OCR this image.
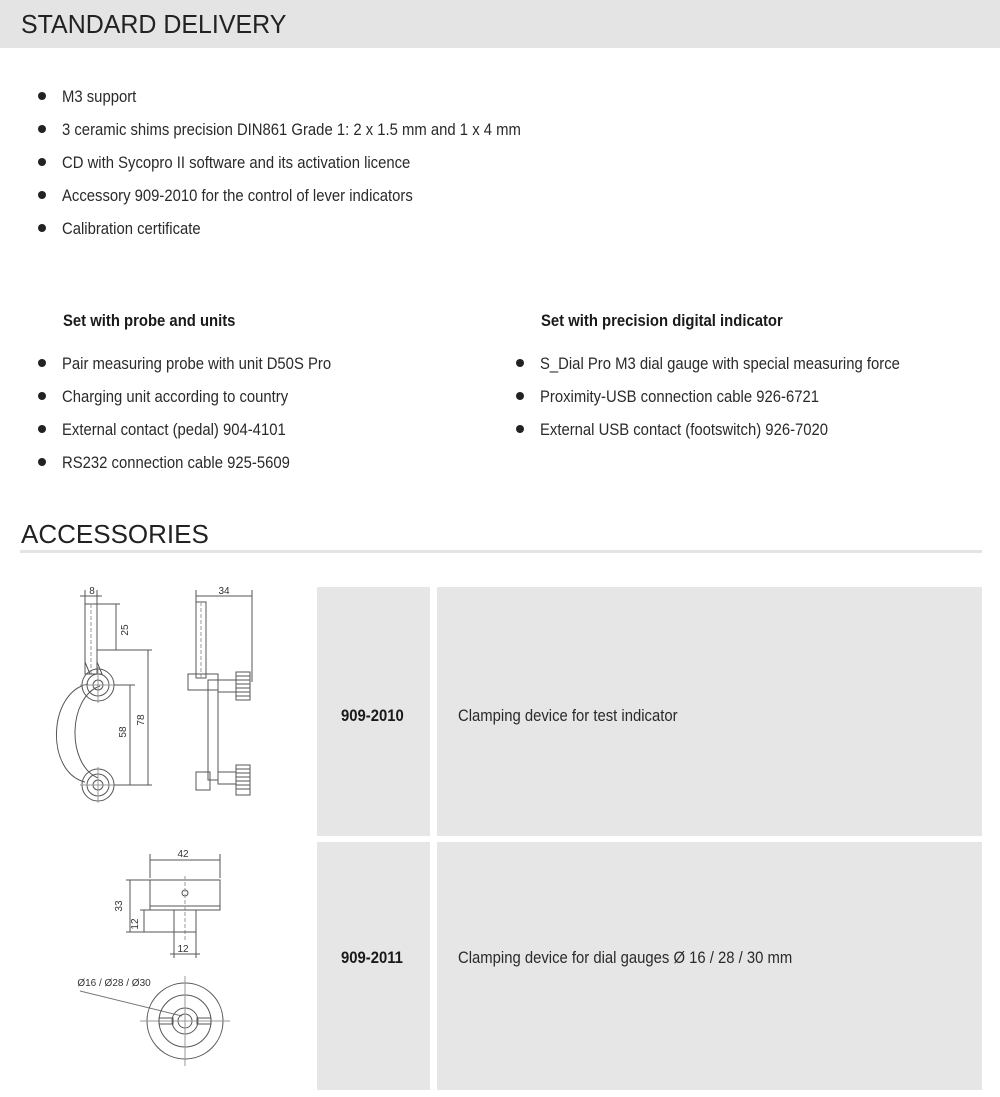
STANDARD DELIVERY
M3 support
3 ceramic shims precision DIN861 Grade 1: 2 x 1.5 mm and 1 x 4 mm
CD with Sycopro II software and its activation licence
Accessory 909-2010 for the control of lever indicators
Calibration certificate
Set with probe and units
Pair measuring probe with unit D50S Pro
Charging unit according to country
External contact (pedal) 904-4101
RS232 connection cable 925-5609
Set with precision digital indicator
S_Dial Pro M3 dial gauge with special measuring force
Proximity-USB connection cable 926-6721
External USB contact (footswitch) 926-7020
ACCESSORIES
909-2010	Clamping device for test indicator
909-2011	Clamping device for dial gauges Ø 16 / 28 / 30 mm
8
25
58
78
34
42
33
12
12
Ø16 / Ø28 / Ø30
